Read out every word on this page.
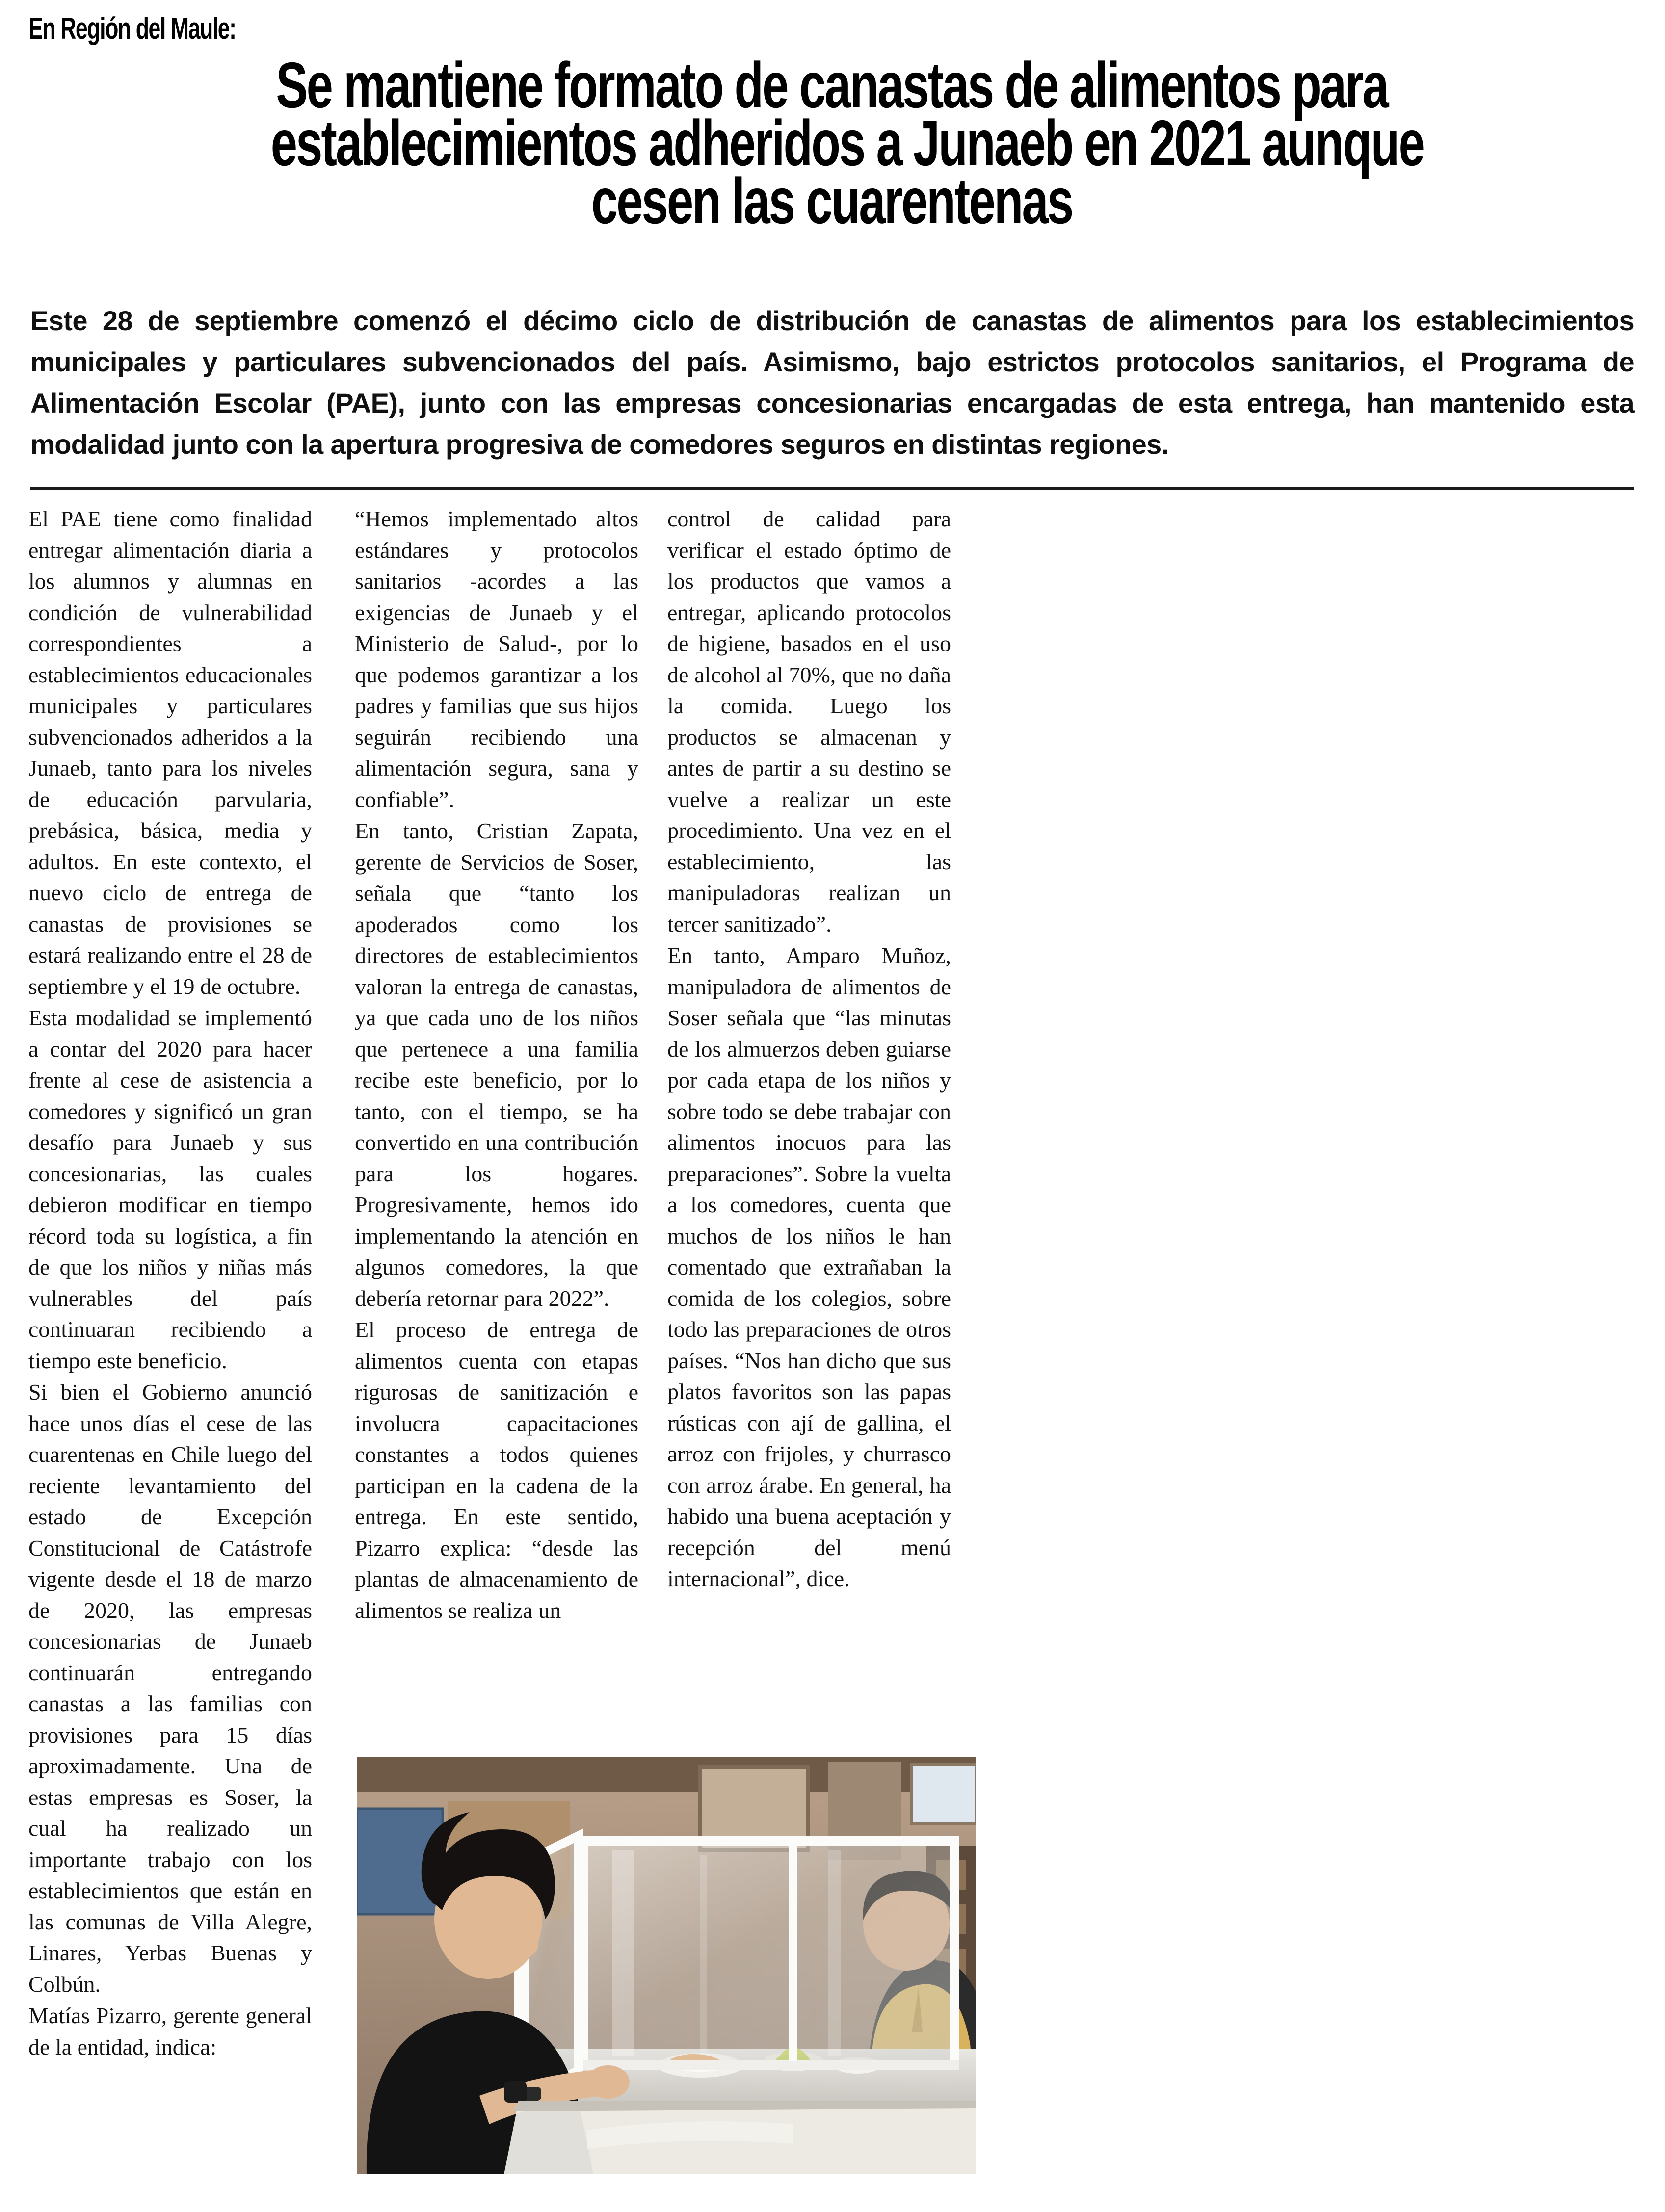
En Región del Maule:
Se mantiene formato de canastas de alimentos para
establecimientos adheridos a Junaeb en 2021 aunque
cesen las cuarentenas
Este 28 de septiembre comenzó el décimo ciclo de distribución de canastas de alimentos para los establecimientos municipales y particulares subvencionados del país. Asimismo, bajo estrictos protocolos sanitarios, el Programa de Alimentación Escolar (PAE), junto con las empresas concesionarias encargadas de esta entrega, han mantenido esta modalidad junto con la apertura progresiva de comedores seguros en distintas regiones.

El PAE tiene como finalidad entregar alimentación diaria a los alumnos y alumnas en condición de vulnerabilidad correspondientes a establecimientos educacionales municipales y particulares subvencionados adheridos a la Junaeb, tanto para los niveles de educación parvularia, prebásica, básica, media y adultos. En este contexto, el nuevo ciclo de entrega de canastas de provisiones se estará realizando entre el 28 de septiembre y el 19 de octubre.

Esta modalidad se implementó a contar del 2020 para hacer frente al cese de asistencia a comedores y significó un gran desafío para Junaeb y sus concesionarias, las cuales debieron modificar en tiempo récord toda su logística, a fin de que los niños y niñas más vulnerables del país continuaran recibiendo a tiempo este beneficio.

Si bien el Gobierno anunció hace unos días el cese de las cuarentenas en Chile luego del reciente levantamiento del estado de Excepción Constitucional de Catástrofe vigente desde el 18 de marzo de 2020, las empresas concesionarias de Junaeb continuarán entregando canastas a las familias con provisiones para 15 días aproximadamente. Una de estas empresas es Soser, la cual ha realizado un importante trabajo con los establecimientos que están en las comunas de Villa Alegre, Linares, Yerbas Buenas y Colbún.

Matías Pizarro, gerente general de la entidad, indica:

“Hemos implementado altos estándares y protocolos sanitarios -acordes a las exigencias de Junaeb y el Ministerio de Salud-, por lo que podemos garantizar a los padres y familias que sus hijos seguirán recibiendo una alimentación segura, sana y confiable”.

En tanto, Cristian Zapata, gerente de Servicios de Soser, señala que “tanto los apoderados como los directores de establecimientos valoran la entrega de canastas, ya que cada uno de los niños que pertenece a una familia recibe este beneficio, por lo tanto, con el tiempo, se ha convertido en una contribución para los hogares. Progresivamente, hemos ido implementando la atención en algunos comedores, la que debería retornar para 2022”.

El proceso de entrega de alimentos cuenta con etapas rigurosas de sanitización e involucra capacitaciones constantes a todos quienes participan en la cadena de la entrega. En este sentido, Pizarro explica: “desde las plantas de almacenamiento de alimentos se realiza un

control de calidad para verificar el estado óptimo de los productos que vamos a entregar, aplicando protocolos de higiene, basados en el uso de alcohol al 70%, que no daña la comida. Luego los productos se almacenan y antes de partir a su destino se vuelve a realizar un este procedimiento. Una vez en el establecimiento, las manipuladoras realizan un tercer sanitizado”.

En tanto, Amparo Muñoz, manipuladora de alimentos de Soser señala que “las minutas de los almuerzos deben guiarse por cada etapa de los niños y sobre todo se debe trabajar con alimentos inocuos para las preparaciones”. Sobre la vuelta a los comedores, cuenta que muchos de los niños le han comentado que extrañaban la comida de los colegios, sobre todo las preparaciones de otros países. “Nos han dicho que sus platos favoritos son las papas rústicas con ají de gallina, el arroz con frijoles, y churrasco con arroz árabe. En general, ha habido una buena aceptación y recepción del menú internacional”, dice.
